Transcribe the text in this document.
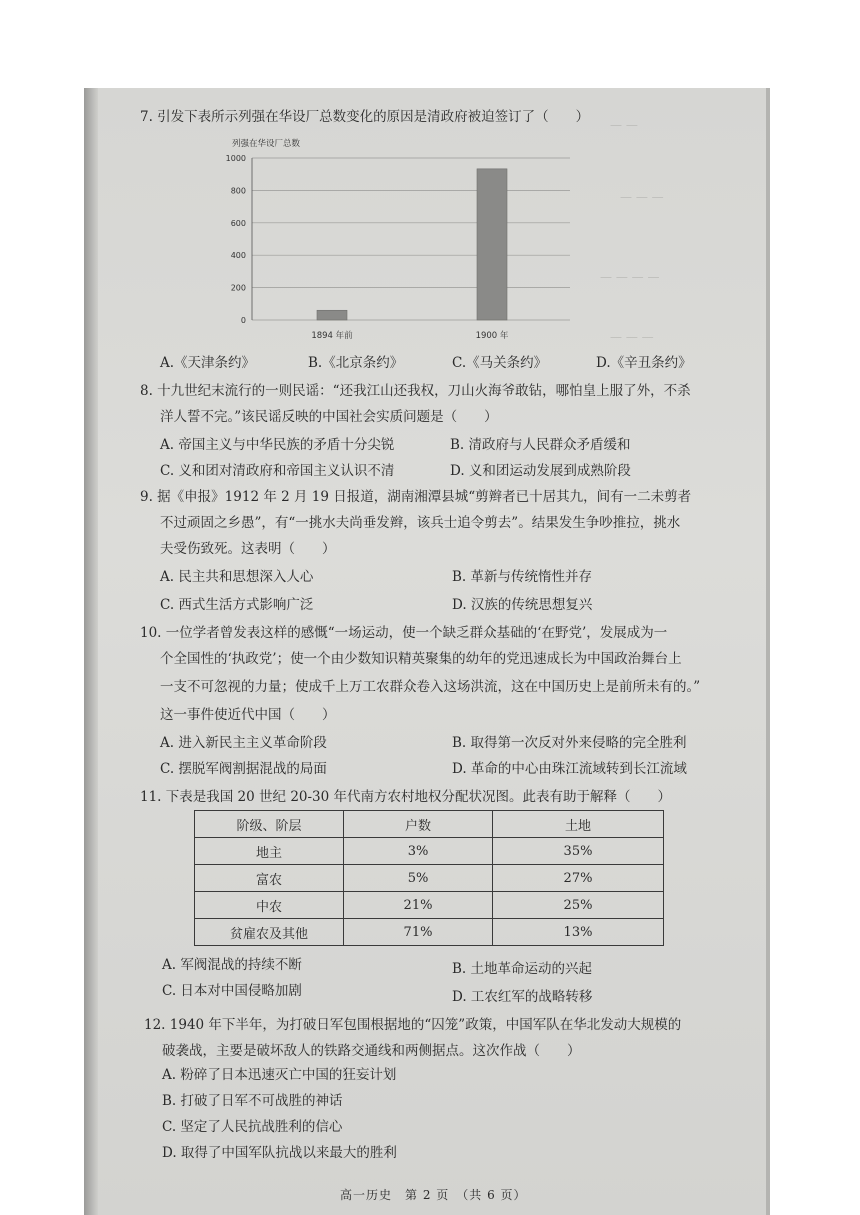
— —
— — —
— — — —
— — —
7. 引发下表所示列强在华设厂总数变化的原因是清政府被迫签订了（　　）
列强在华设厂总数
0
200
400
600
800
1000
1894 年前	1900 年
A.《天津条约》	B.《北京条约》	C.《马关条约》	D.《辛丑条约》
8. 十九世纪末流行的一则民谣：“还我江山还我权，刀山火海爷敢钻，哪怕皇上服了外，不杀
洋人誓不完。”该民谣反映的中国社会实质问题是（　　）
A. 帝国主义与中华民族的矛盾十分尖锐	B. 清政府与人民群众矛盾缓和
C. 义和团对清政府和帝国主义认识不清	D. 义和团运动发展到成熟阶段
9. 据《申报》1912 年 2 月 19 日报道，湖南湘潭县城“剪辫者已十居其九，间有一二未剪者
不过顽固之乡愚”，有“一挑水夫尚垂发辫，该兵士追令剪去”。结果发生争吵推拉，挑水
夫受伤致死。这表明（　　）
A. 民主共和思想深入人心	B. 革新与传统惰性并存
C. 西式生活方式影响广泛	D. 汉族的传统思想复兴
10. 一位学者曾发表这样的感慨“一场运动，使一个缺乏群众基础的‘在野党’，发展成为一
个全国性的‘执政党’；使一个由少数知识精英聚集的幼年的党迅速成长为中国政治舞台上
一支不可忽视的力量；使成千上万工农群众卷入这场洪流，这在中国历史上是前所未有的。”
这一事件使近代中国（　　）
A. 进入新民主主义革命阶段	B. 取得第一次反对外来侵略的完全胜利
C. 摆脱军阀割据混战的局面	D. 革命的中心由珠江流域转到长江流域
11. 下表是我国 20 世纪 20-30 年代南方农村地权分配状况图。此表有助于解释（　　）
阶级、阶层	户数	土地
地主	3%	35%
富农	5%	27%
中农	21%	25%
贫雇农及其他	71%	13%
A. 军阀混战的持续不断	B. 土地革命运动的兴起
C. 日本对中国侵略加剧	D. 工农红军的战略转移
12. 1940 年下半年，为打破日军包围根据地的“囚笼”政策，中国军队在华北发动大规模的
破袭战，主要是破坏敌人的铁路交通线和两侧据点。这次作战（　　）
A. 粉碎了日本迅速灭亡中国的狂妄计划
B. 打破了日军不可战胜的神话
C. 坚定了人民抗战胜利的信心
D. 取得了中国军队抗战以来最大的胜利
高一历史　第 2 页　（共 6 页）
